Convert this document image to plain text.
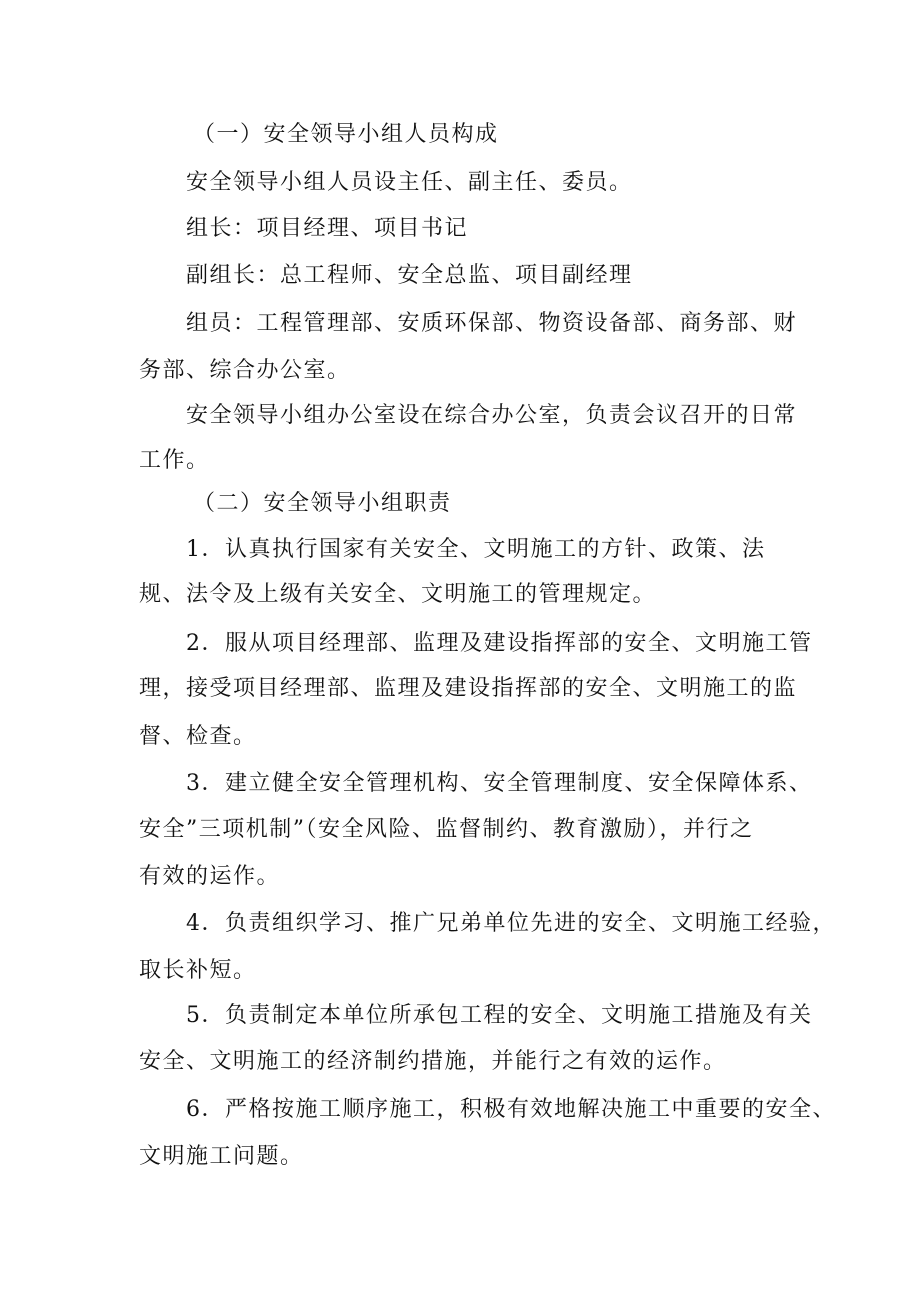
（一）安全领导小组人员构成
安全领导小组人员设主任、副主任、委员。
组长：项目经理、项目书记
副组长：总工程师、安全总监、项目副经理
组员：工程管理部、安质环保部、物资设备部、商务部、财
务部、综合办公室。
安全领导小组办公室设在综合办公室，负责会议召开的日常
工作。
（二）安全领导小组职责
1．认真执行国家有关安全、文明施工的方针、政策、法
规、法令及上级有关安全、文明施工的管理规定。
2．服从项目经理部、监理及建设指挥部的安全、文明施工管
理，接受项目经理部、监理及建设指挥部的安全、文明施工的监
督、检查。
3．建立健全安全管理机构、安全管理制度、安全保障体系、
安全”三项机制”（安全风险、监督制约、教育激励），并行之
有效的运作。
4．负责组织学习、推广兄弟单位先进的安全、文明施工经验，
取长补短。
5．负责制定本单位所承包工程的安全、文明施工措施及有关
安全、文明施工的经济制约措施，并能行之有效的运作。
6．严格按施工顺序施工，积极有效地解决施工中重要的安全、
文明施工问题。
